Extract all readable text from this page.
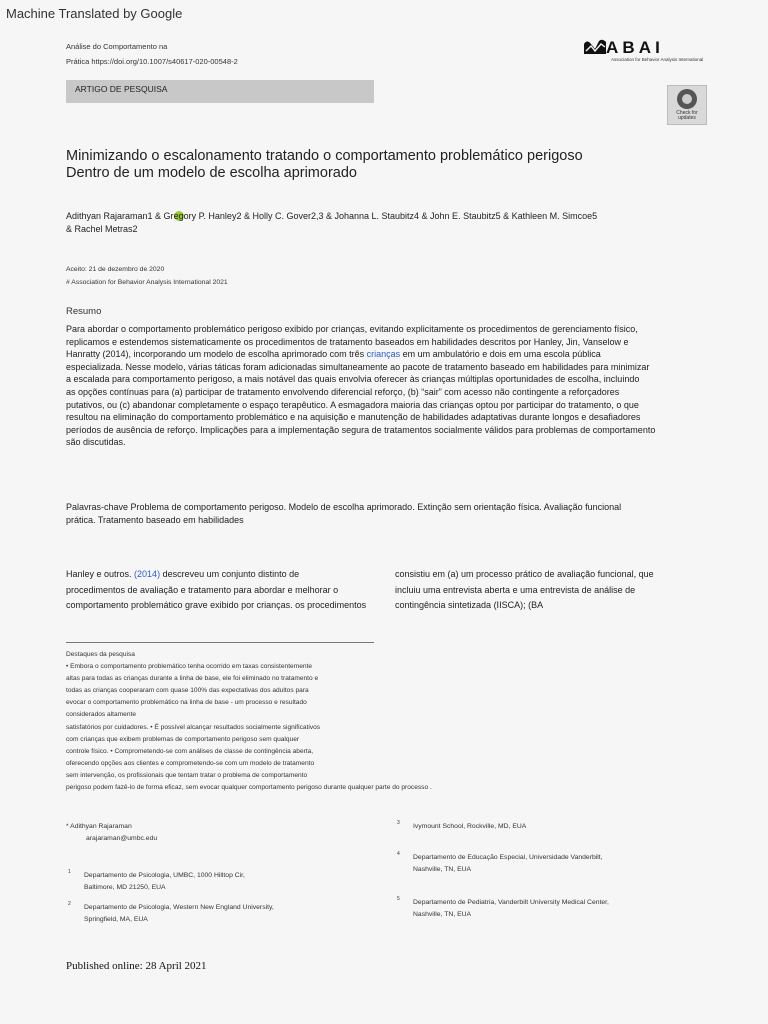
Machine Translated by Google
Análise do Comportamento na
Prática https://doi.org/10.1007/s40617-020-00548-2
A B A I
Association for Behavior Analysis International
ARTIGO DE PESQUISA
Check for
updates
Minimizando o escalonamento tratando o comportamento problemático perigoso
Dentro de um modelo de escolha aprimorado
Adithyan Rajaraman1 & Gregory P. Hanley2 & Holly C. Gover2,3 & Johanna L. Staubitz4 & John E. Staubitz5 & Kathleen M. Simcoe5
& Rachel Metras2
Aceito: 21 de dezembro de 2020
# Association for Behavior Analysis International 2021
Resumo
Para abordar o comportamento problemático perigoso exibido por crianças, evitando explicitamente os procedimentos de gerenciamento físico,
replicamos e estendemos sistematicamente os procedimentos de tratamento baseados em habilidades descritos por Hanley, Jin, Vanselow e
Hanratty (2014), incorporando um modelo de escolha aprimorado com três crianças em um ambulatório e dois em uma escola pública
especializada. Nesse modelo, várias táticas foram adicionadas simultaneamente ao pacote de tratamento baseado em habilidades para minimizar
a escalada para comportamento perigoso, a mais notável das quais envolvia oferecer às crianças múltiplas oportunidades de escolha, incluindo
as opções contínuas para (a) participar de tratamento envolvendo diferencial reforço, (b) “sair” com acesso não contingente a reforçadores
putativos, ou (c) abandonar completamente o espaço terapêutico. A esmagadora maioria das crianças optou por participar do tratamento, o que
resultou na eliminação do comportamento problemático e na aquisição e manutenção de habilidades adaptativas durante longos e desafiadores
períodos de ausência de reforço. Implicações para a implementação segura de tratamentos socialmente válidos para problemas de comportamento
são discutidas.
Palavras-chave Problema de comportamento perigoso. Modelo de escolha aprimorado. Extinção sem orientação física. Avaliação funcional
prática. Tratamento baseado em habilidades
Hanley e outros. (2014) descreveu um conjunto distinto de
procedimentos de avaliação e tratamento para abordar e melhorar o
comportamento problemático grave exibido por crianças. os procedimentos
consistiu em (a) um processo prático de avaliação funcional, que
incluiu uma entrevista aberta e uma entrevista de análise de
contingência sintetizada (IISCA); (BA
Destaques da pesquisa
• Embora o comportamento problemático tenha ocorrido em taxas consistentemente
altas para todas as crianças durante a linha de base, ele foi eliminado no tratamento e
todas as crianças cooperaram com quase 100% das expectativas dos adultos para
evocar o comportamento problemático na linha de base - um processo e resultado
considerados altamente
satisfatórios por cuidadores. • É possível alcançar resultados socialmente significativos
com crianças que exibem problemas de comportamento perigoso sem qualquer
controle físico. • Comprometendo-se com análises de classe de contingência aberta,
oferecendo opções aos clientes e comprometendo-se com um modelo de tratamento
sem intervenção, os profissionais que tentam tratar o problema de comportamento
perigoso podem fazê-lo de forma eficaz, sem evocar qualquer comportamento perigoso durante qualquer parte do processo .
* Adithyan Rajaraman
arajaraman@umbc.edu
1 Departamento de Psicologia, UMBC, 1000 Hilltop Cir,
Baltimore, MD 21250, EUA
2 Departamento de Psicologia, Western New England University,
Springfield, MA, EUA
3 Ivymount School, Rockville, MD, EUA
4 Departamento de Educação Especial, Universidade Vanderbilt,
Nashville, TN, EUA
5 Departamento de Pediatria, Vanderbilt University Medical Center,
Nashville, TN, EUA
Published online: 28 April 2021
